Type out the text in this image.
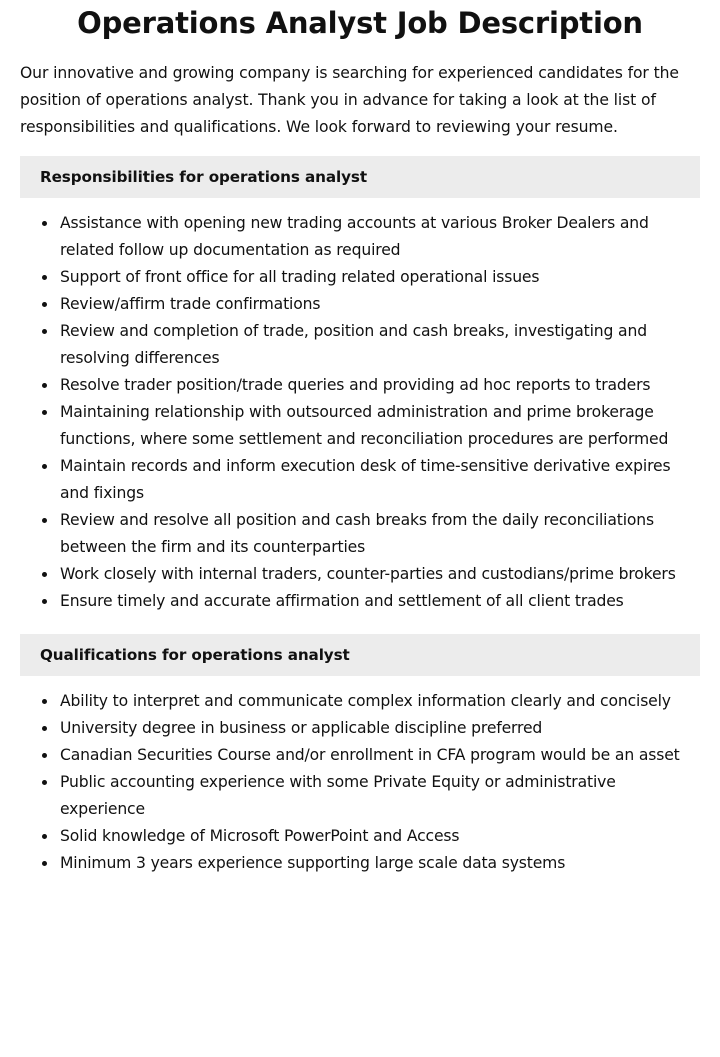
Operations Analyst Job Description

Our innovative and growing company is searching for experienced candidates for the position of operations analyst. Thank you in advance for taking a look at the list of responsibilities and qualifications. We look forward to reviewing your resume.

Responsibilities for operations analyst
Assistance with opening new trading accounts at various Broker Dealers and related follow up documentation as required
Support of front office for all trading related operational issues
Review/affirm trade confirmations
Review and completion of trade, position and cash breaks, investigating and resolving differences
Resolve trader position/trade queries and providing ad hoc reports to traders
Maintaining relationship with outsourced administration and prime brokerage functions, where some settlement and reconciliation procedures are performed
Maintain records and inform execution desk of time-sensitive derivative expires and fixings
Review and resolve all position and cash breaks from the daily reconciliations between the firm and its counterparties
Work closely with internal traders, counter-parties and custodians/prime brokers
Ensure timely and accurate affirmation and settlement of all client trades
Qualifications for operations analyst
Ability to interpret and communicate complex information clearly and concisely
University degree in business or applicable discipline preferred
Canadian Securities Course and/or enrollment in CFA program would be an asset
Public accounting experience with some Private Equity or administrative experience
Solid knowledge of Microsoft PowerPoint and Access
Minimum 3 years experience supporting large scale data systems
